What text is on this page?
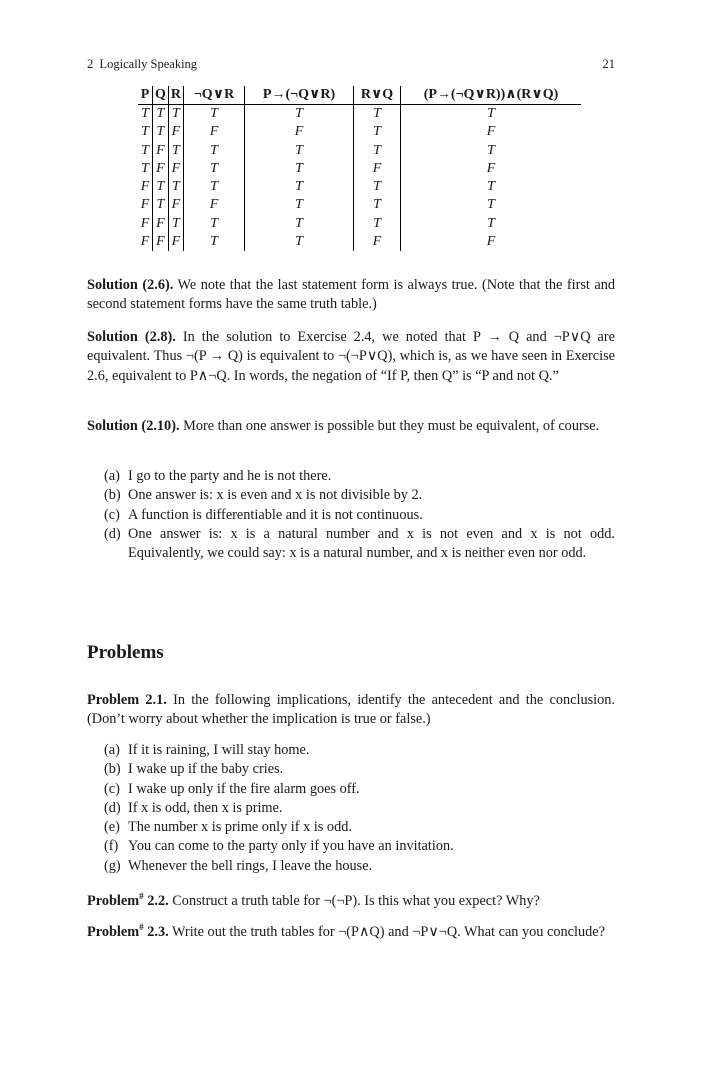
2  Logically Speaking	21
P	Q	R	¬Q∨R	P→(¬Q∨R)	R∨Q	(P→(¬Q∨R))∧(R∨Q)
T	T	T	T	T	T	T
T	T	F	F	F	T	F
T	F	T	T	T	T	T
T	F	F	T	T	F	F
F	T	T	T	T	T	T
F	T	F	F	T	T	T
F	F	T	T	T	T	T
F	F	F	T	T	F	F

Solution (2.6). We note that the last statement form is always true. (Note that the first and second statement forms have the same truth table.)

Solution (2.8). In the solution to Exercise 2.4, we noted that P → Q and ¬P∨Q are equivalent. Thus ¬(P → Q) is equivalent to ¬(¬P∨Q), which is, as we have seen in Exercise 2.6, equivalent to P∧¬Q. In words, the negation of “If P, then Q” is “P and not Q.”

Solution (2.10). More than one answer is possible but they must be equivalent, of course.

(a) I go to the party and he is not there.
(b) One answer is: x is even and x is not divisible by 2.
(c) A function is differentiable and it is not continuous.
(d) One answer is: x is a natural number and x is not even and x is not odd. Equivalently, we could say: x is a natural number, and x is neither even nor odd.
Problems

Problem 2.1. In the following implications, identify the antecedent and the conclusion. (Don’t worry about whether the implication is true or false.)

(a) If it is raining, I will stay home.
(b) I wake up if the baby cries.
(c) I wake up only if the fire alarm goes off.
(d) If x is odd, then x is prime.
(e) The number x is prime only if x is odd.
(f) You can come to the party only if you have an invitation.
(g) Whenever the bell rings, I leave the house.

Problem# 2.2. Construct a truth table for ¬(¬P). Is this what you expect? Why?

Problem# 2.3. Write out the truth tables for ¬(P∧Q) and ¬P∨¬Q. What can you conclude?
